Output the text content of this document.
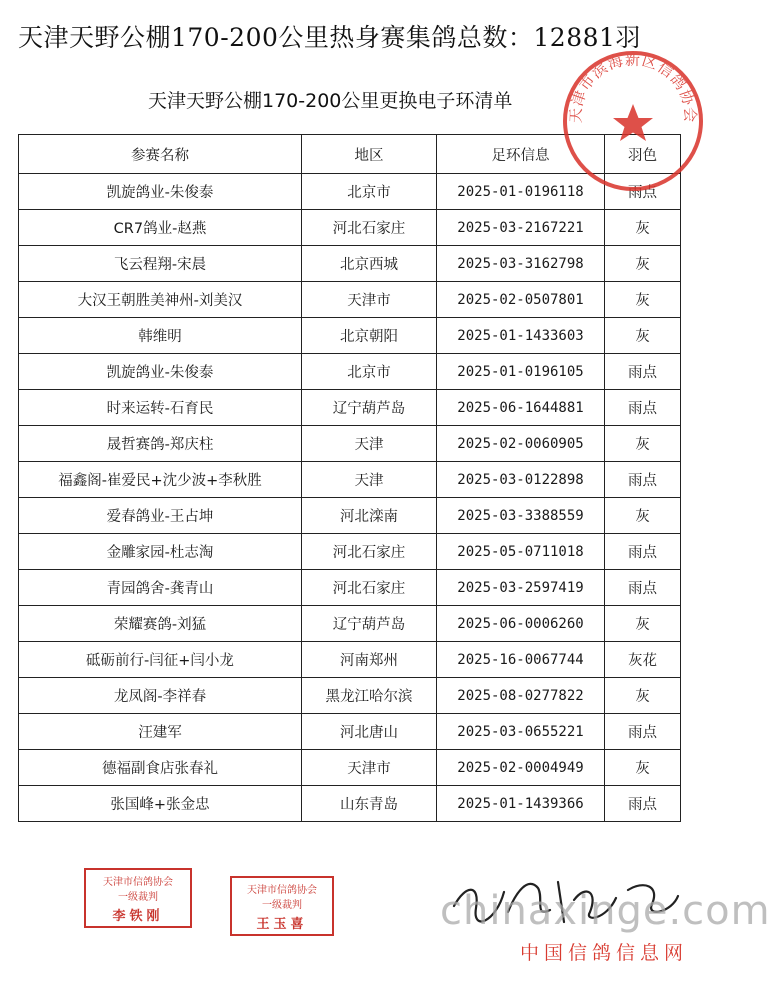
天津天野公棚170-200公里热身赛集鸽总数：12881羽
天津天野公棚170-200公里更换电子环清单
参赛名称	地区	足环信息	羽色
凯旋鸽业-朱俊泰	北京市	2025-01-0196118	雨点
CR7鸽业-赵燕	河北石家庄	2025-03-2167221	灰
飞云程翔-宋晨	北京西城	2025-03-3162798	灰
大汉王朝胜美神州-刘美汉	天津市	2025-02-0507801	灰
韩维明	北京朝阳	2025-01-1433603	灰
凯旋鸽业-朱俊泰	北京市	2025-01-0196105	雨点
时来运转-石育民	辽宁葫芦岛	2025-06-1644881	雨点
晟哲赛鸽-郑庆柱	天津	2025-02-0060905	灰
福鑫阁-崔爱民+沈少波+李秋胜	天津	2025-03-0122898	雨点
爱春鸽业-王占坤	河北滦南	2025-03-3388559	灰
金雕家园-杜志淘	河北石家庄	2025-05-0711018	雨点
青园鸽舍-龚青山	河北石家庄	2025-03-2597419	雨点
荣耀赛鸽-刘猛	辽宁葫芦岛	2025-06-0006260	灰
砥砺前行-闫征+闫小龙	河南郑州	2025-16-0067744	灰花
龙凤阁-李祥春	黑龙江哈尔滨	2025-08-0277822	灰
汪建军	河北唐山	2025-03-0655221	雨点
德福副食店张春礼	天津市	2025-02-0004949	灰
张国峰+张金忠	山东青岛	2025-01-1439366	雨点
天津市滨海新区信鸽协会
天津市信鸽协会
一级裁判
李铁刚
天津市信鸽协会
一级裁判
王玉喜	chinaxinge.com
中国信鸽信息网
